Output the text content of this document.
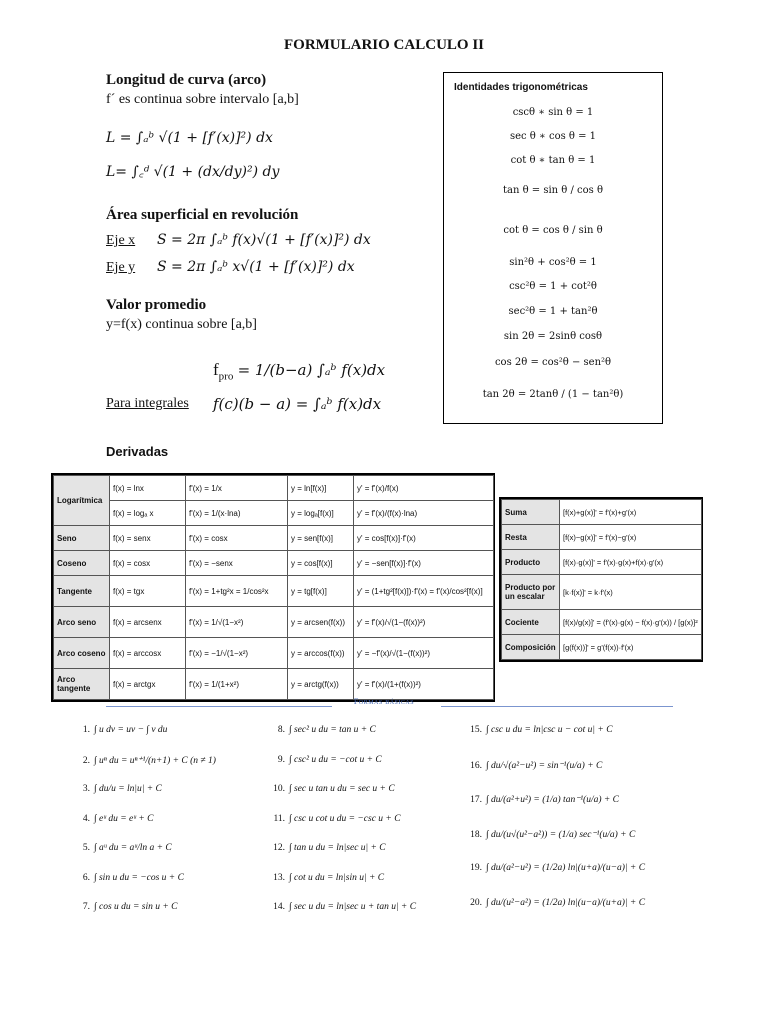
FORMULARIO CALCULO II
Longitud de curva (arco)
f´ es continua sobre intervalo [a,b]
L = ∫ₐᵇ √(1 + [f′(x)]²) dx
L= ∫꜀ᵈ √(1 + (dx/dy)²) dy
Área superficial en revolución
Eje x S = 2π ∫ₐᵇ f(x)√(1 + [f′(x)]²) dx
Eje y S = 2π ∫ₐᵇ x√(1 + [f′(x)]²) dx
Valor promedio
y=f(x) continua sobre [a,b]
$f_{pro} = 1/(b-a)$ ∫ₐᵇ f(x)dx
Para integrales f(c)(b − a) = ∫ₐᵇ f(x)dx
Identidades trigonométricas
cscθ ∗ sin θ = 1
sec θ ∗ cos θ = 1
cot θ ∗ tan θ = 1
tan θ = sin θ / cos θ
cot θ = cos θ / sin θ
sin²θ + cos²θ = 1
csc²θ = 1 + cot²θ
sec²θ = 1 + tan²θ
sin 2θ = 2sinθ cosθ
cos 2θ = cos²θ − sen²θ
tan 2θ = 2tanθ / (1 − tan²θ)
Derivadas
Logarítmica	f(x) = lnx	f'(x) = 1/x	y = ln[f(x)]	y' = f'(x)/f(x)
	f(x) = logₐ x	f'(x) = 1/(x·lna)	y = logₐ[f(x)]	y' = f'(x)/(f(x)·lna)
Seno	f(x) = senx	f'(x) = cosx	y = sen[f(x)]	y' = cos[f(x)]·f'(x)
Coseno	f(x) = cosx	f'(x) = −senx	y = cos[f(x)]	y' = −sen[f(x)]·f'(x)
Tangente	f(x) = tgx	f'(x) = 1+tg²x = 1/cos²x	y = tg[f(x)]	y' = (1+tg²[f(x)])·f'(x) = f'(x)/cos²[f(x)]
Arco seno	f(x) = arcsenx	f'(x) = 1/√(1−x²)	y = arcsen(f(x))	y' = f'(x)/√(1−(f(x))²)
Arco coseno	f(x) = arccosx	f'(x) = −1/√(1−x²)	y = arccos(f(x))	y' = −f'(x)/√(1−(f(x))²)
Arco tangente	f(x) = arctgx	f'(x) = 1/(1+x²)	y = arctg(f(x))	y' = f'(x)/(1+(f(x))²)
Suma	[f(x)+g(x)]' = f'(x)+g'(x)
Resta	[f(x)−g(x)]' = f'(x)−g'(x)
Producto	[f(x)·g(x)]' = f'(x)·g(x)+f(x)·g'(x)
Producto por un escalar	[k·f(x)]' = k·f'(x)
Cociente	[f(x)/g(x)]' = (f'(x)·g(x) − f(x)·g'(x)) / [g(x)]²
Composición	[g(f(x))]' = g'(f(x))·f'(x)
Formas básicas
1. ∫ u dv = uv − ∫ v du
2. ∫ uⁿ du = uⁿ⁺¹/(n+1) + C (n ≠ 1)
3. ∫ du/u = ln|u| + C
4. ∫ eᵘ du = eᵘ + C
5. ∫ aᵘ du = aᵘ/ln a + C
6. ∫ sin u du = −cos u + C
7. ∫ cos u du = sin u + C
8. ∫ sec² u du = tan u + C
9. ∫ csc² u du = −cot u + C
10. ∫ sec u tan u du = sec u + C
11. ∫ csc u cot u du = −csc u + C
12. ∫ tan u du = ln|sec u| + C
13. ∫ cot u du = ln|sin u| + C
14. ∫ sec u du = ln|sec u + tan u| + C
15. ∫ csc u du = ln|csc u − cot u| + C
16. ∫ du/√(a²−u²) = sin⁻¹(u/a) + C
17. ∫ du/(a²+u²) = (1/a) tan⁻¹(u/a) + C
18. ∫ du/(u√(u²−a²)) = (1/a) sec⁻¹(u/a) + C
19. ∫ du/(a²−u²) = (1/2a) ln|(u+a)/(u−a)| + C
20. ∫ du/(u²−a²) = (1/2a) ln|(u−a)/(u+a)| + C
